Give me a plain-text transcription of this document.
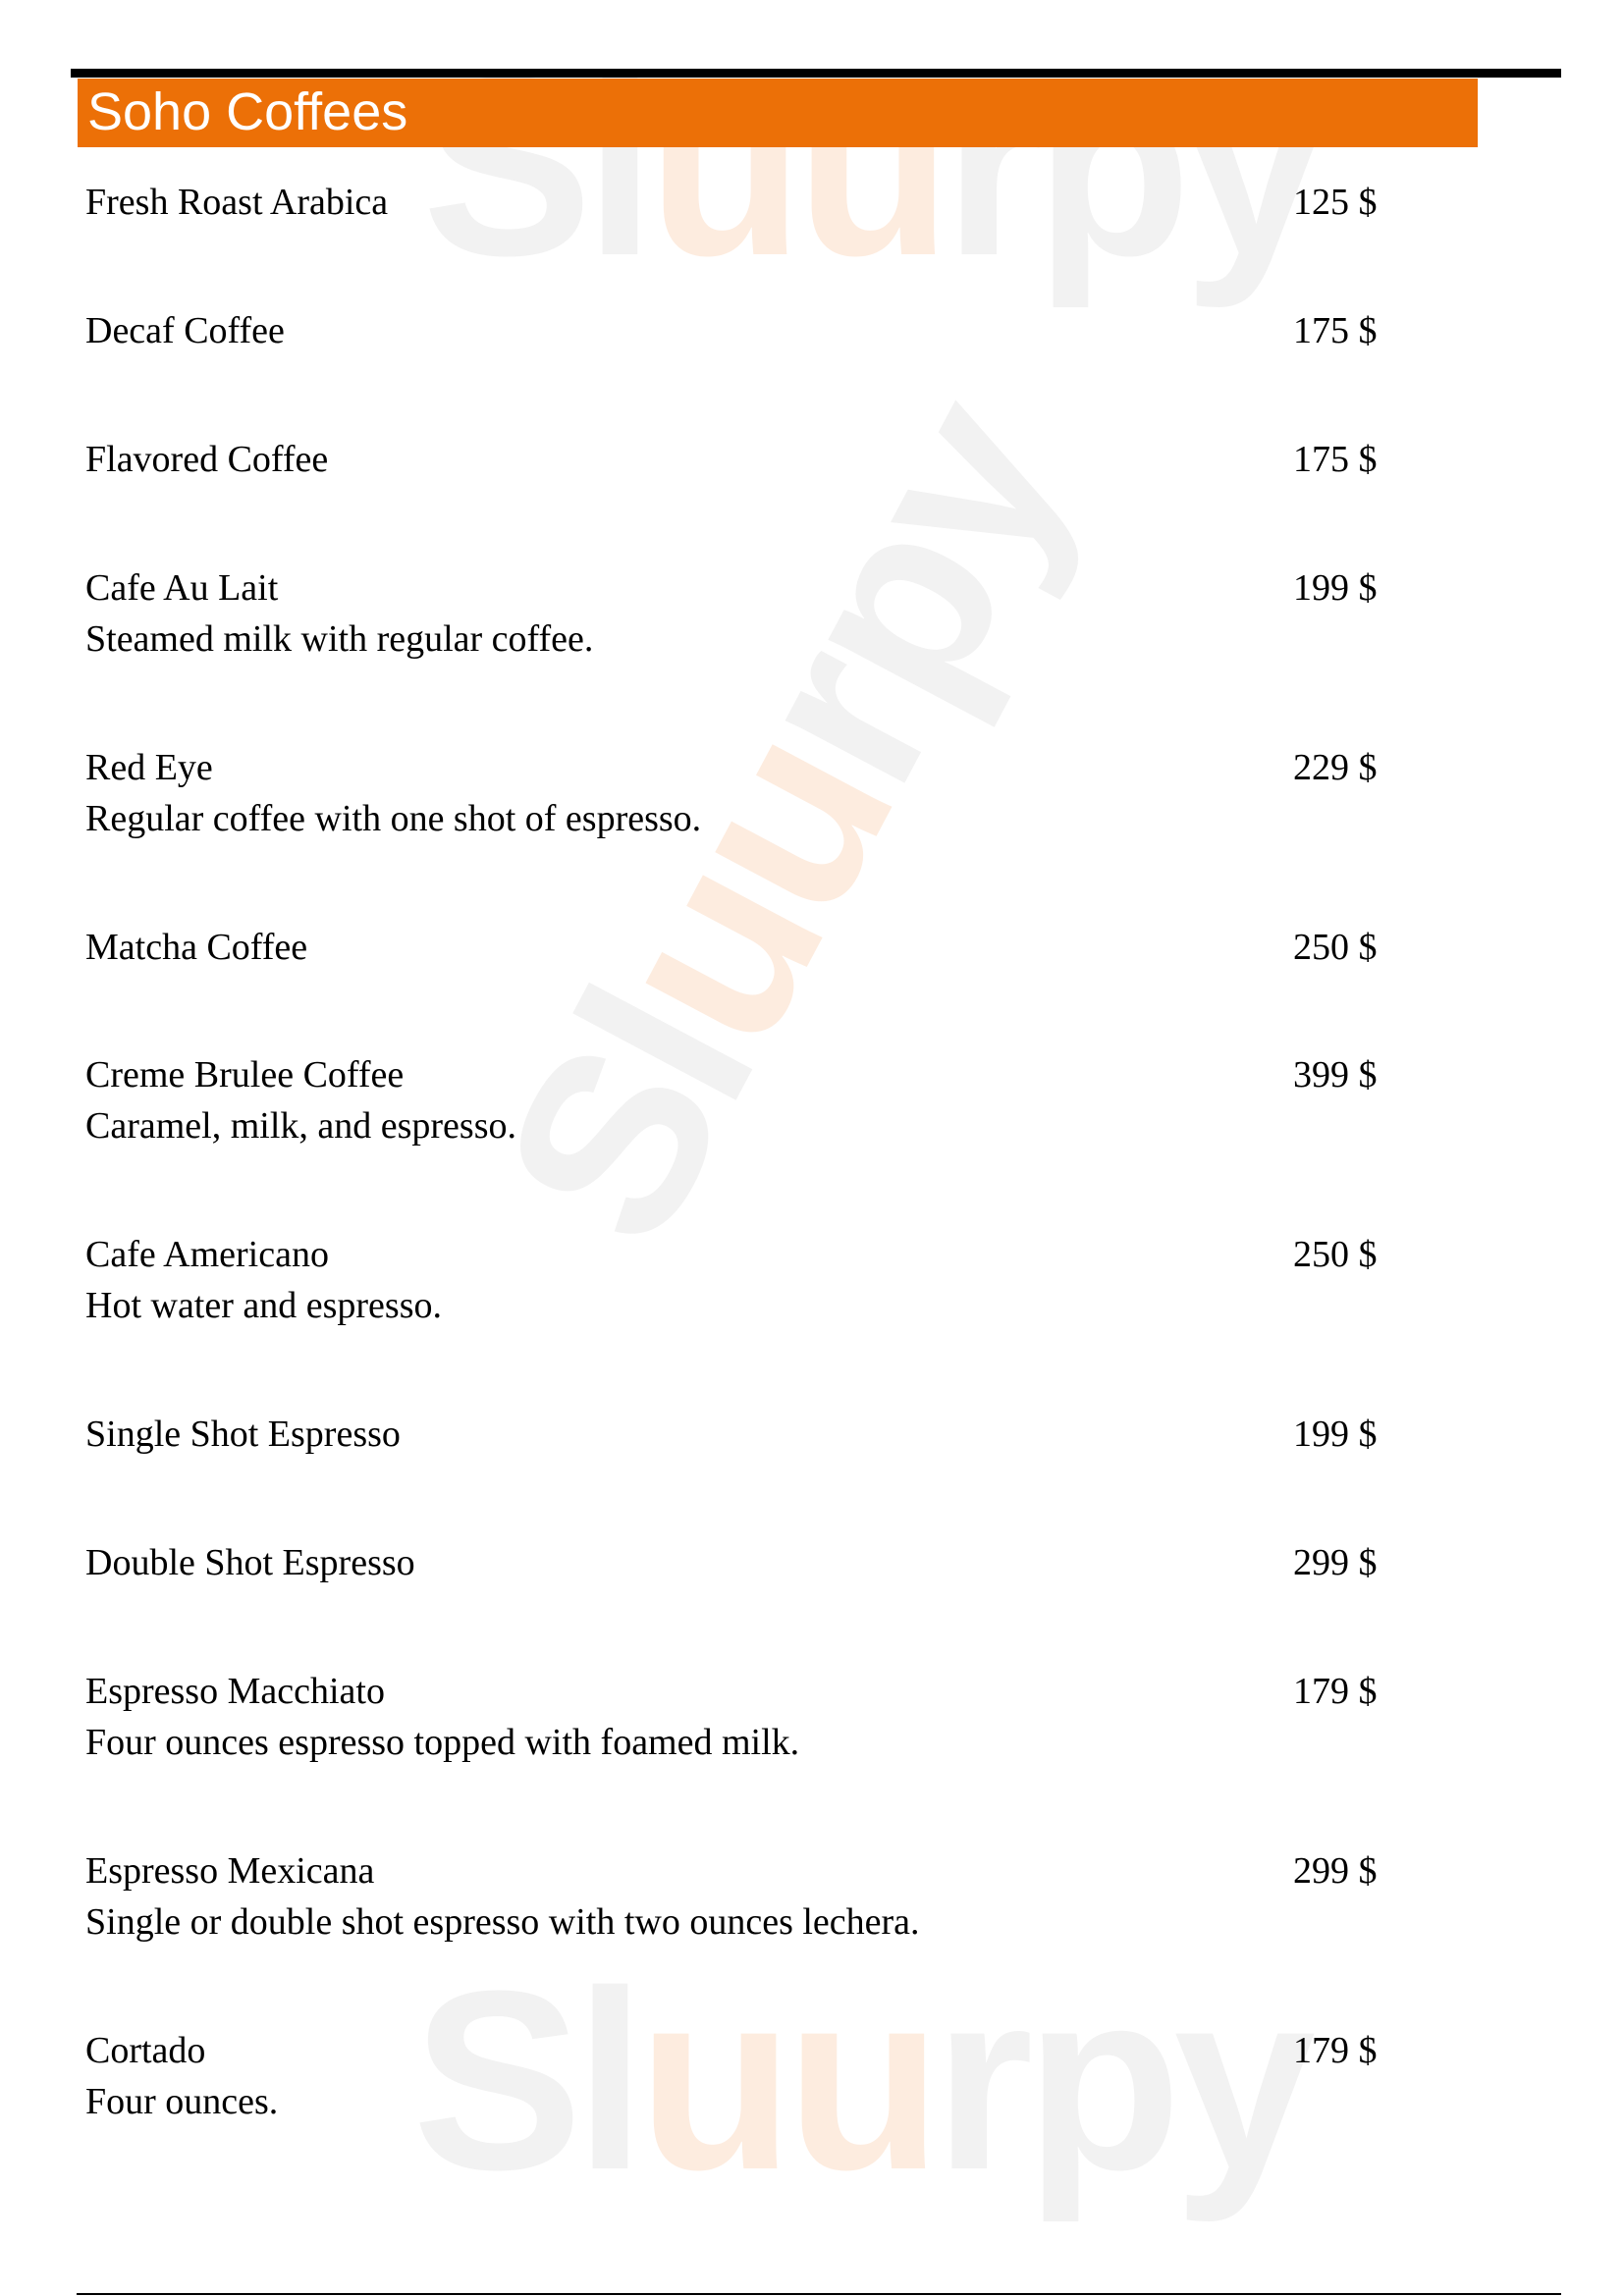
Sluurpy
Sluurpy
Sluurpy
Soho Coffees
Fresh Roast Arabica	125 $
Decaf Coffee	175 $
Flavored Coffee	175 $
Cafe Au Lait	199 $
Steamed milk with regular coffee.
Red Eye	229 $
Regular coffee with one shot of espresso.
Matcha Coffee	250 $
Creme Brulee Coffee	399 $
Caramel, milk, and espresso.
Cafe Americano	250 $
Hot water and espresso.
Single Shot Espresso	199 $
Double Shot Espresso	299 $
Espresso Macchiato	179 $
Four ounces espresso topped with foamed milk.
Espresso Mexicana	299 $
Single or double shot espresso with two ounces lechera.
Cortado	179 $
Four ounces.
